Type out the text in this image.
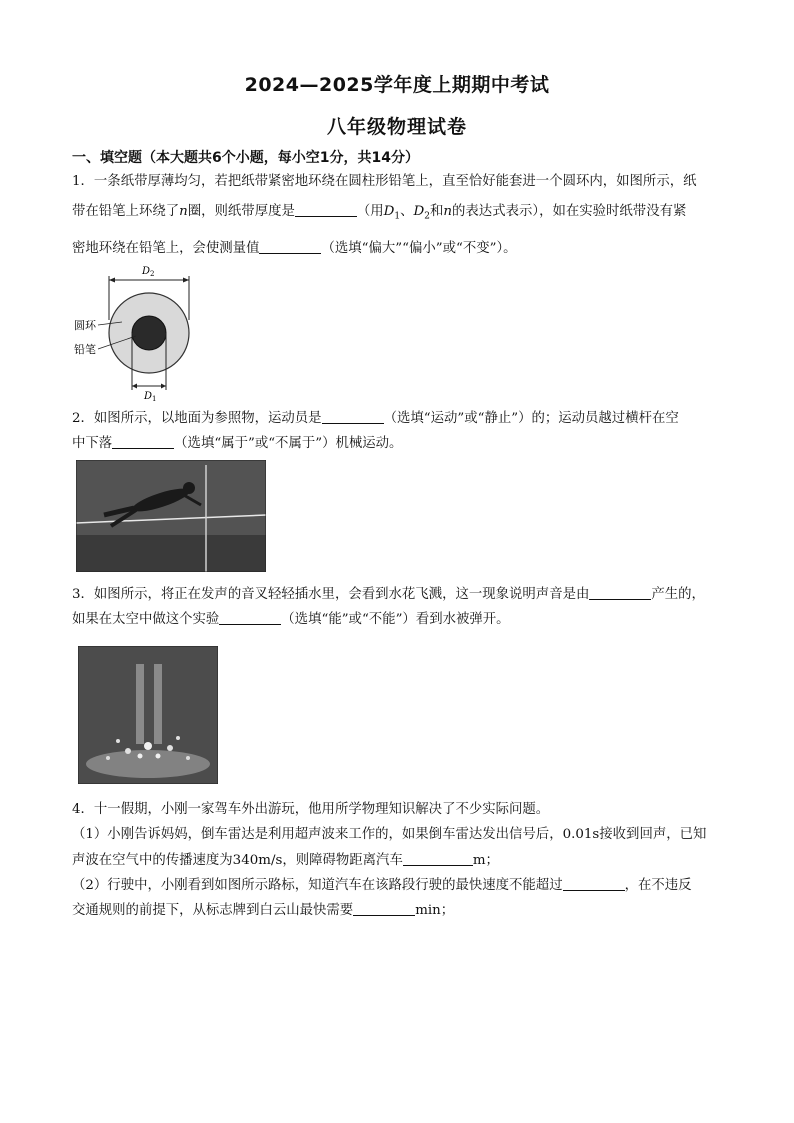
2024—2025学年度上期期中考试
八年级物理试卷
一、填空题（本大题共6个小题，每小空1分，共14分）
1．一条纸带厚薄均匀，若把纸带紧密地环绕在圆柱形铅笔上，直至恰好能套进一个圆环内，如图所示，纸
带在铅笔上环绕了n圈，则纸带厚度是	（用$D_1$、$D_2$和n的表达式表示），如在实验时纸带没有紧
密地环绕在铅笔上，会使测量值	（选填“偏大”“偏小”或“不变”）。
D 2
D 1
圆环
铅笔
2．如图所示，以地面为参照物，运动员是	（选填“运动”或“静止”）的；运动员越过横杆在空
中下落	（选填“属于”或“不属于”）机械运动。
3．如图所示，将正在发声的音叉轻轻插水里，会看到水花飞溅，这一现象说明声音是由	产生的，
如果在太空中做这个实验	（选填“能”或“不能”）看到水被弹开。
4．十一假期，小刚一家驾车外出游玩，他用所学物理知识解决了不少实际问题。
（1）小刚告诉妈妈，倒车雷达是利用超声波来工作的，如果倒车雷达发出信号后，0.01s接收到回声，已知
声波在空气中的传播速度为340m/s，则障碍物距离汽车	m；
（2）行驶中，小刚看到如图所示路标，知道汽车在该路段行驶的最快速度不能超过	，在不违反
交通规则的前提下，从标志牌到白云山最快需要	min；
